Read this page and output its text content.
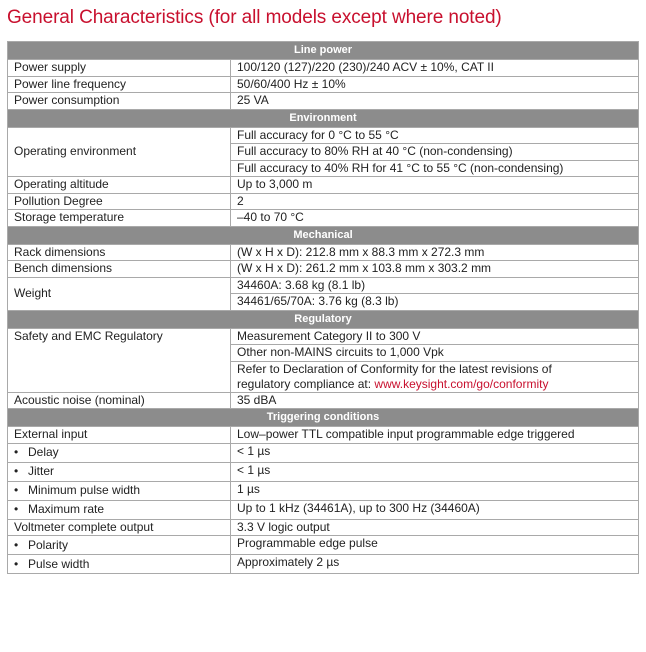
General Characteristics (for all models except where noted)
Line power	
Power supply	100/120 (127)/220 (230)/240 ACV ± 10%, CAT II
Power line frequency	50/60/400 Hz ± 10%
Power consumption	25 VA
Environment	
Operating environment	Full accuracy for 0 °C to 55 °C
	Full accuracy to 80% RH at 40 °C (non-condensing)
	Full accuracy to 40% RH for 41 °C to 55 °C (non-condensing)
Operating altitude	Up to 3,000 m
Pollution Degree	2
Storage temperature	–40 to 70 °C
Mechanical	
Rack dimensions	(W x H x D): 212.8 mm x 88.3 mm x 272.3 mm
Bench dimensions	(W x H x D): 261.2 mm x 103.8 mm x 303.2 mm
Weight	34460A: 3.68 kg (8.1 lb)
	34461/65/70A: 3.76 kg (8.3 lb)
Regulatory	
Safety and EMC Regulatory	Measurement Category II to 300 V
	Other non-MAINS circuits to 1,000 Vpk

	Refer to Declaration of Conformity for the latest revisions of
regulatory compliance at: www.keysight.com/go/conformity

Acoustic noise (nominal)	35 dBA
Triggering conditions	
External input	Low–power TTL compatible input programmable edge triggered
• Delay	< 1 µs
• Jitter	< 1 µs
• Minimum pulse width	1 µs
• Maximum rate	Up to 1 kHz (34461A), up to 300 Hz (34460A)
Voltmeter complete output	3.3 V logic output
• Polarity	Programmable edge pulse
• Pulse width	Approximately 2 µs
